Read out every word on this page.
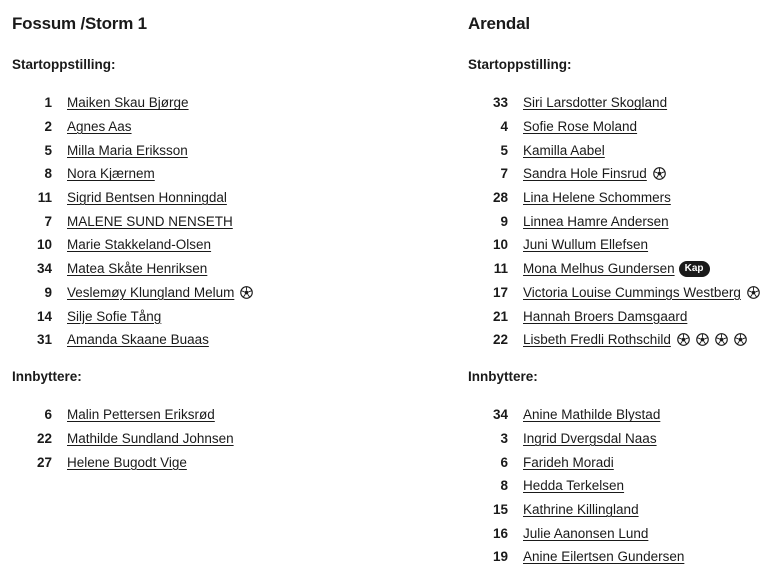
Fossum /Storm 1
Startoppstilling:
1 Maiken Skau Bjørge
2 Agnes Aas
5 Milla Maria Eriksson
8 Nora Kjærnem
11 Sigrid Bentsen Honningdal
7 MALENE SUND NENSETH
10 Marie Stakkeland-Olsen
34 Matea Skåte Henriksen
9 Veslemøy Klungland Melum
14 Silje Sofie Tång
31 Amanda Skaane Buaas
Innbyttere:
6 Malin Pettersen Eriksrød
22 Mathilde Sundland Johnsen
27 Helene Bugodt Vige
Arendal
Startoppstilling:
33 Siri Larsdotter Skogland
4 Sofie Rose Moland
5 Kamilla Aabel
7 Sandra Hole Finsrud
28 Lina Helene Schommers
9 Linnea Hamre Andersen
10 Juni Wullum Ellefsen
11 Mona Melhus Gundersen	Kap
17 Victoria Louise Cummings Westberg
21 Hannah Broers Damsgaard
22 Lisbeth Fredli Rothschild
Innbyttere:
34 Anine Mathilde Blystad
3 Ingrid Dvergsdal Naas
6 Farideh Moradi
8 Hedda Terkelsen
15 Kathrine Killingland
16 Julie Aanonsen Lund
19 Anine Eilertsen Gundersen
